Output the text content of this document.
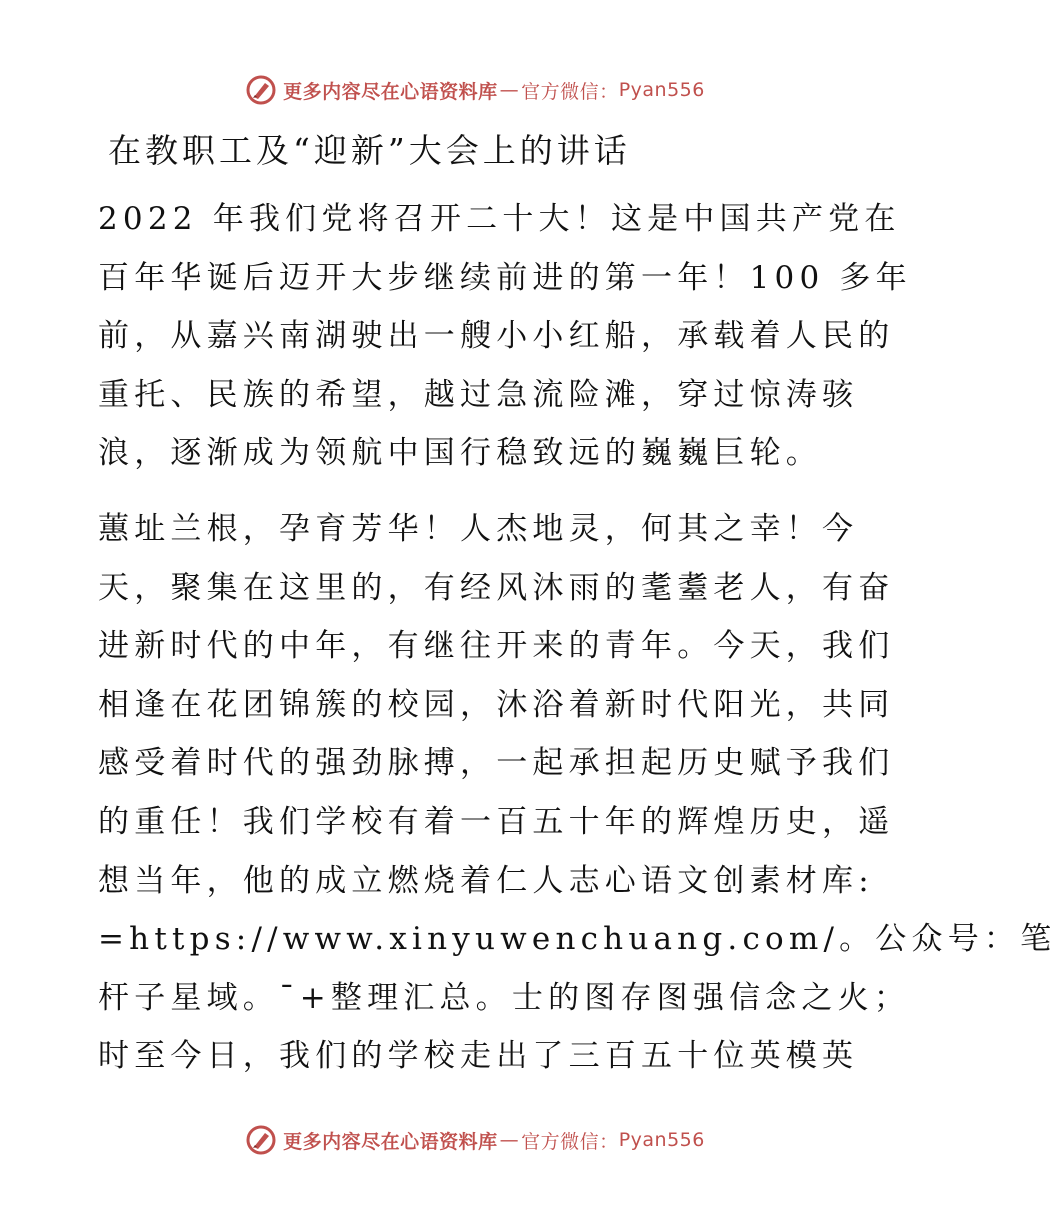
更多内容尽在心语资料库 — 官方微信： Pyan556
在教职工及“迎新”大会上的讲话
2022 年我们党将召开二十大！这是中国共产党在
百年华诞后迈开大步继续前进的第一年！100 多年
前，从嘉兴南湖驶出一艘小小红船，承载着人民的
重托、民族的希望，越过急流险滩，穿过惊涛骇
浪，逐渐成为领航中国行稳致远的巍巍巨轮。
蕙址兰根，孕育芳华！人杰地灵，何其之幸！今
天，聚集在这里的，有经风沐雨的耄耋老人，有奋
进新时代的中年，有继往开来的青年。今天，我们
相逢在花团锦簇的校园，沐浴着新时代阳光，共同
感受着时代的强劲脉搏，一起承担起历史赋予我们
的重任！我们学校有着一百五十年的辉煌历史，遥
想当年，他的成立燃烧着仁人志心语文创素材库:
=https://www.xinyuwenchuang.com/。公众号：笔
杆子星域。¯+整理汇总。士的图存图强信念之火；
时至今日，我们的学校走出了三百五十位英模英
更多内容尽在心语资料库 — 官方微信： Pyan556
